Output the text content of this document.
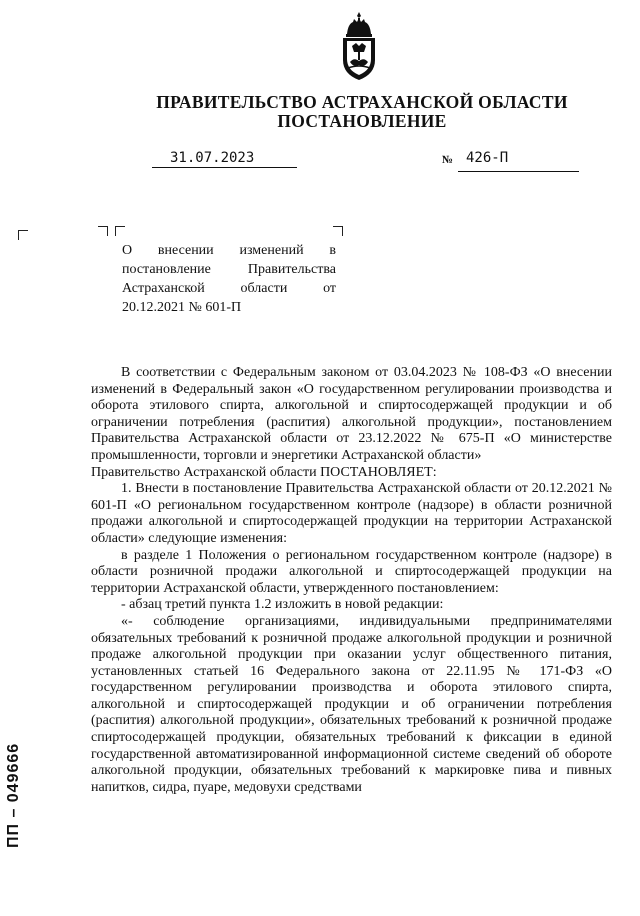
ПРАВИТЕЛЬСТВО АСТРАХАНСКОЙ ОБЛАСТИ
ПОСТАНОВЛЕНИЕ
31.07.2023	№ 426-П
О внесении изменений в постановление Правительства Астраханской области от 20.12.2021 № 601-П

В соответствии с Федеральным законом от 03.04.2023 № 108-ФЗ «О внесении изменений в Федеральный закон «О государственном регулировании производства и оборота этилового спирта, алкогольной и спиртосодержащей продукции и об ограничении потребления (распития) алкогольной продукции», постановлением Правительства Астраханской области от 23.12.2022 № 675-П «О министерстве промышленности, торговли и энергетики Астраханской области»

Правительство Астраханской области ПОСТАНОВЛЯЕТ:

1. Внести в постановление Правительства Астраханской области от 20.12.2021 № 601-П «О региональном государственном контроле (надзоре) в области розничной продажи алкогольной и спиртосодержащей продукции на территории Астраханской области» следующие изменения:

в разделе 1 Положения о региональном государственном контроле (надзоре) в области розничной продажи алкогольной и спиртосодержащей продукции на территории Астраханской области, утвержденного постановлением:

- абзац третий пункта 1.2 изложить в новой редакции:

«- соблюдение организациями, индивидуальными предпринимателями обязательных требований к розничной продаже алкогольной продукции и розничной продаже алкогольной продукции при оказании услуг общественного питания, установленных статьей 16 Федерального закона от 22.11.95 № 171-ФЗ «О государственном регулировании производства и оборота этилового спирта, алкогольной и спиртосодержащей продукции и об ограничении потребления (распития) алкогольной продукции», обязательных требований к розничной продаже спиртосодержащей продукции, обязательных требований к фиксации в единой государственной автоматизированной информационной системе сведений об обороте алкогольной продукции, обязательных требований к маркировке пива и пивных напитков, сидра, пуаре, медовухи средствами

ПП – 049666
